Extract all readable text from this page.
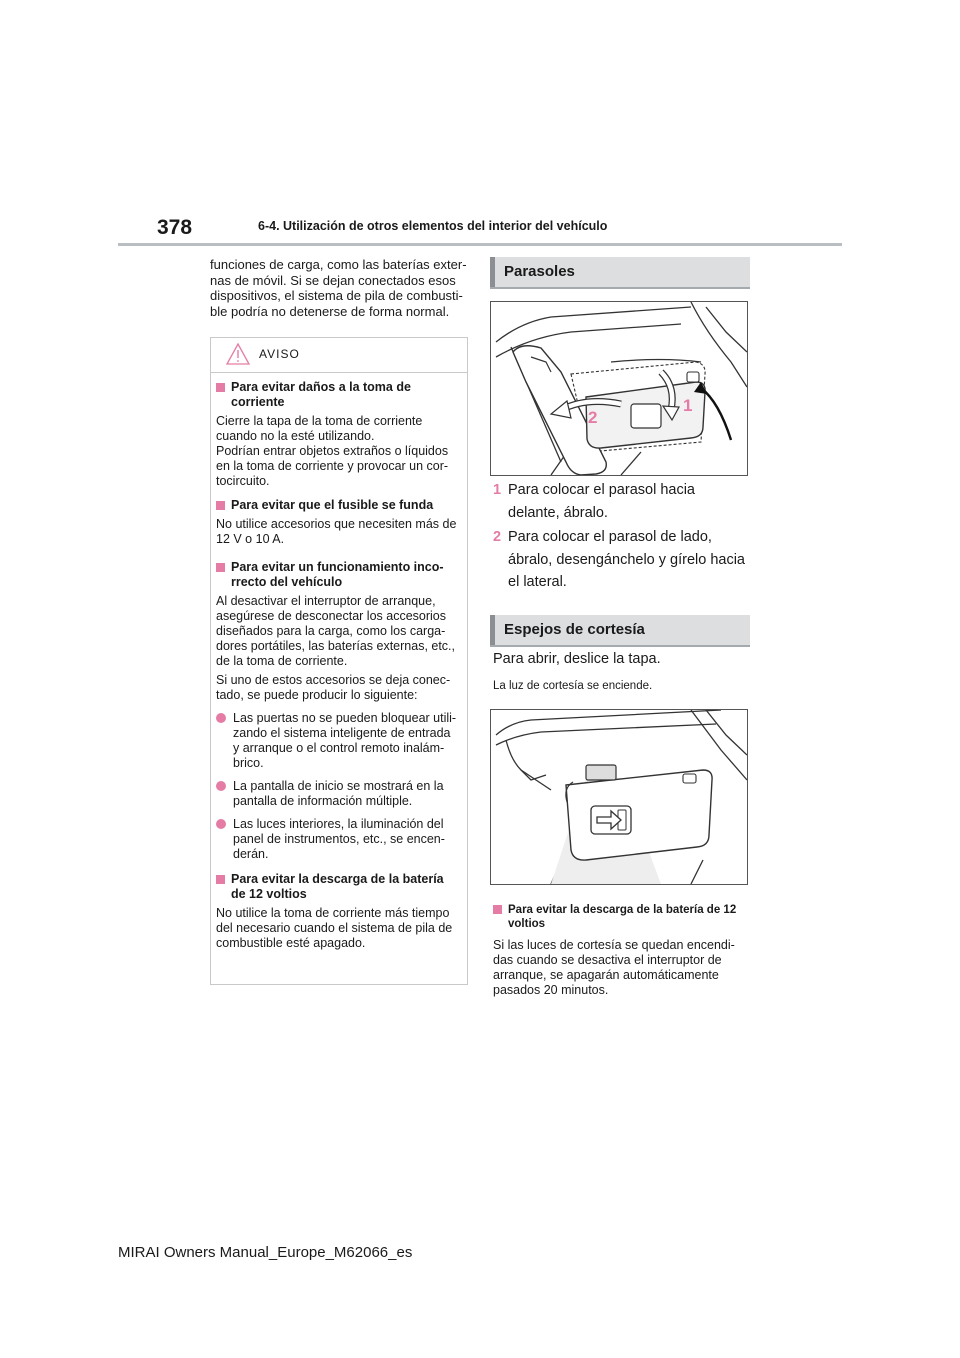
378	6-4. Utilización de otros elementos del interior del vehículo
funciones de carga, como las baterías exter-nas de móvil. Si se dejan conectados esos dispositivos, el sistema de pila de combusti-ble podría no detenerse de forma normal.
AVISO
Para evitar daños a la toma de corriente
Cierre la tapa de la toma de corriente cuando no la esté utilizando.
Podrían entrar objetos extraños o líquidos en la toma de corriente y provocar un cor-tocircuito.
Para evitar que el fusible se funda
No utilice accesorios que necesiten más de 12 V o 10 A.
Para evitar un funcionamiento inco-rrecto del vehículo
Al desactivar el interruptor de arranque, asegúrese de desconectar los accesorios diseñados para la carga, como los carga-dores portátiles, las baterías externas, etc., de la toma de corriente.
Si uno de estos accesorios se deja conec-tado, se puede producir lo siguiente:
Las puertas no se pueden bloquear utili-zando el sistema inteligente de entrada y arranque o el control remoto inalám-brico.
La pantalla de inicio se mostrará en la pantalla de información múltiple.
Las luces interiores, la iluminación del panel de instrumentos, etc., se encen-derán.
Para evitar la descarga de la batería de 12 voltios
No utilice la toma de corriente más tiempo del necesario cuando el sistema de pila de combustible esté apagado.
Parasoles
2
1
1 Para colocar el parasol hacia delante, ábralo.
2 Para colocar el parasol de lado, ábralo, desengánchelo y gírelo hacia el lateral.
Espejos de cortesía
Para abrir, deslice la tapa.
La luz de cortesía se enciende.
Para evitar la descarga de la batería de 12 voltios
Si las luces de cortesía se quedan encendi-das cuando se desactiva el interruptor de arranque, se apagarán automáticamente pasados 20 minutos.
MIRAI Owners Manual_Europe_M62066_es
